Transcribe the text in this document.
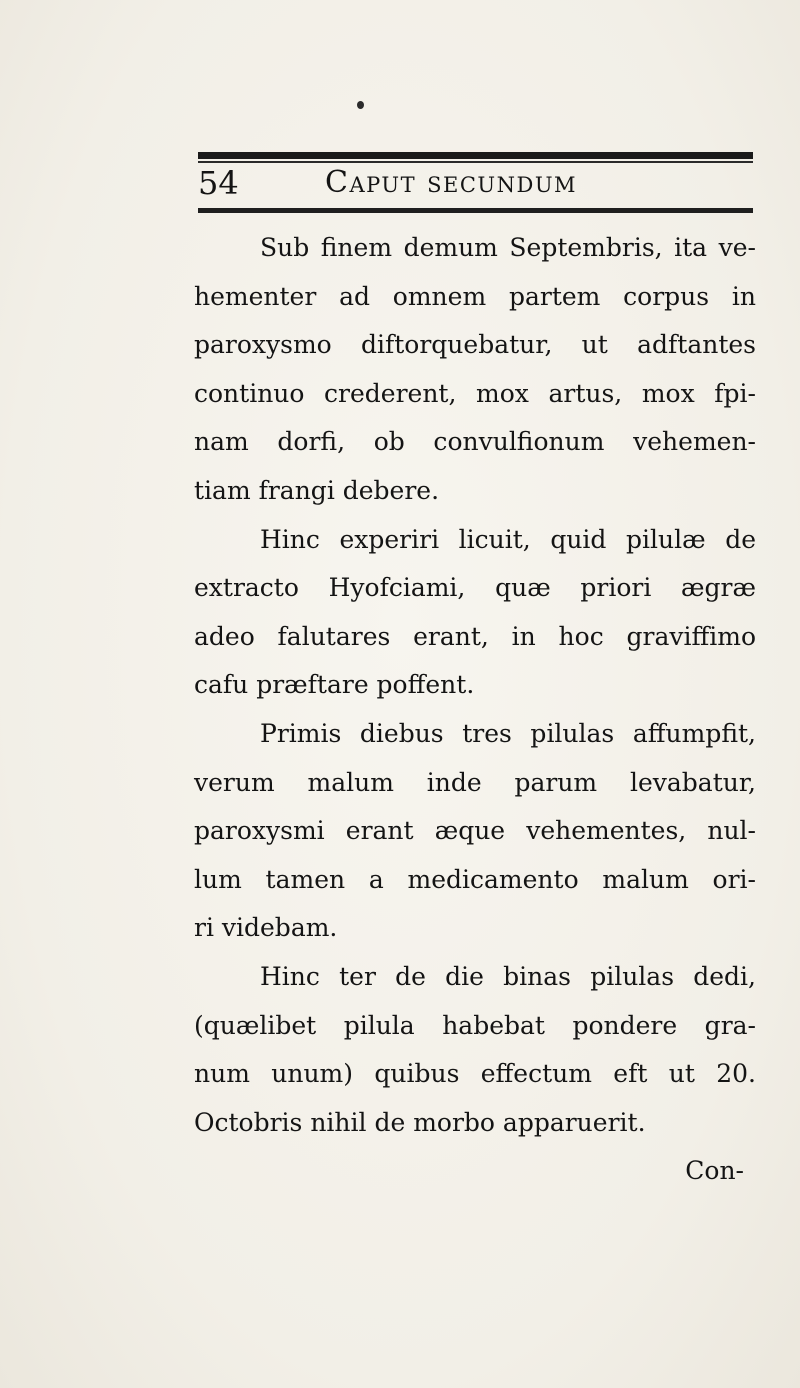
54	Caput secundum
Sub finem demum Septembris, ita ve-
hementer ad omnem partem corpus in
paroxysmo diftorquebatur, ut adftantes
continuo crederent, mox artus, mox fpi-
nam dorfi, ob convulfionum vehemen-
tiam frangi debere.
Hinc experiri licuit, quid pilulæ de
extracto Hyofciami, quæ priori ægræ
adeo falutares erant, in hoc graviffimo
cafu præftare poffent.
Primis diebus tres pilulas affumpfit,
verum malum inde parum levabatur,
paroxysmi erant æque vehementes, nul-
lum tamen a medicamento malum ori-
ri videbam.
Hinc ter de die binas pilulas dedi,
(quælibet pilula habebat pondere gra-
num unum) quibus effectum eft ut 20.
Octobris nihil de morbo apparuerit.
Con-
